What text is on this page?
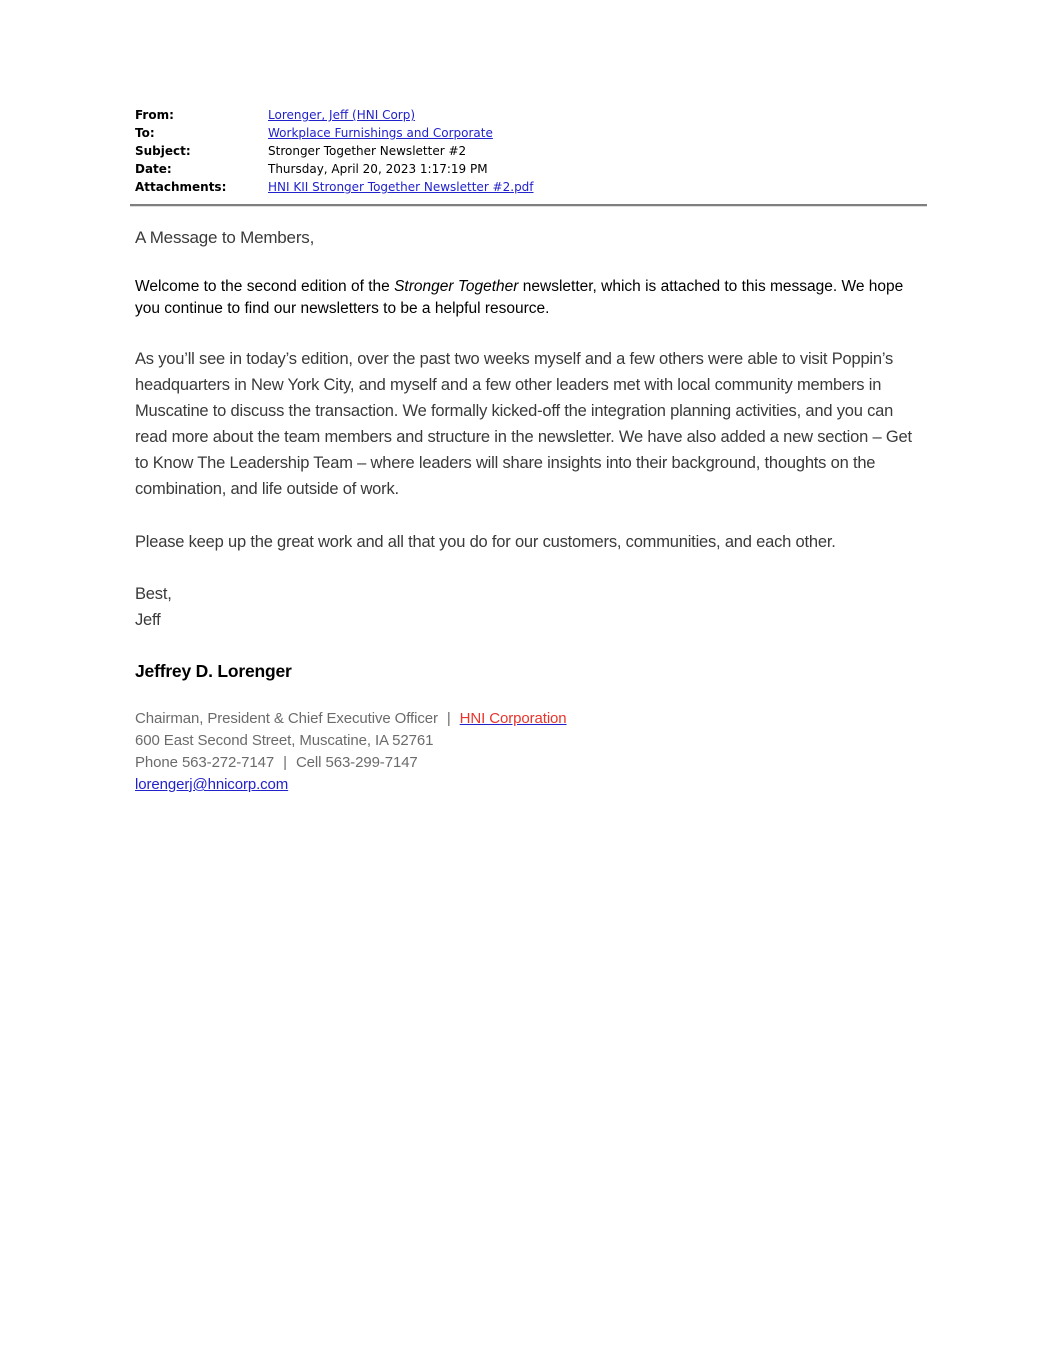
From:	Lorenger, Jeff (HNI Corp)
To:	Workplace Furnishings and Corporate
Subject:	Stronger Together Newsletter #2
Date:	Thursday, April 20, 2023 1:17:19 PM
Attachments:	HNI KII Stronger Together Newsletter #2.pdf

A Message to Members,

Welcome to the second edition of the Stronger Together newsletter, which is attached to this message. We hope you continue to find our newsletters to be a helpful resource.

As you’ll see in today’s edition, over the past two weeks myself and a few others were able to visit Poppin’s headquarters in New York City, and myself and a few other leaders met with local community members in Muscatine to discuss the transaction. We formally kicked-off the integration planning activities, and you can read more about the team members and structure in the newsletter. We have also added a new section – Get to Know The Leadership Team – where leaders will share insights into their background, thoughts on the combination, and life outside of work.

Please keep up the great work and all that you do for our customers, communities, and each other.

Best,
Jeff

Jeffrey D. Lorenger

Chairman, President & Chief Executive Officer | HNI Corporation
600 East Second Street, Muscatine, IA 52761
Phone 563-272-7147 | Cell 563-299-7147
lorengerj@hnicorp.com
